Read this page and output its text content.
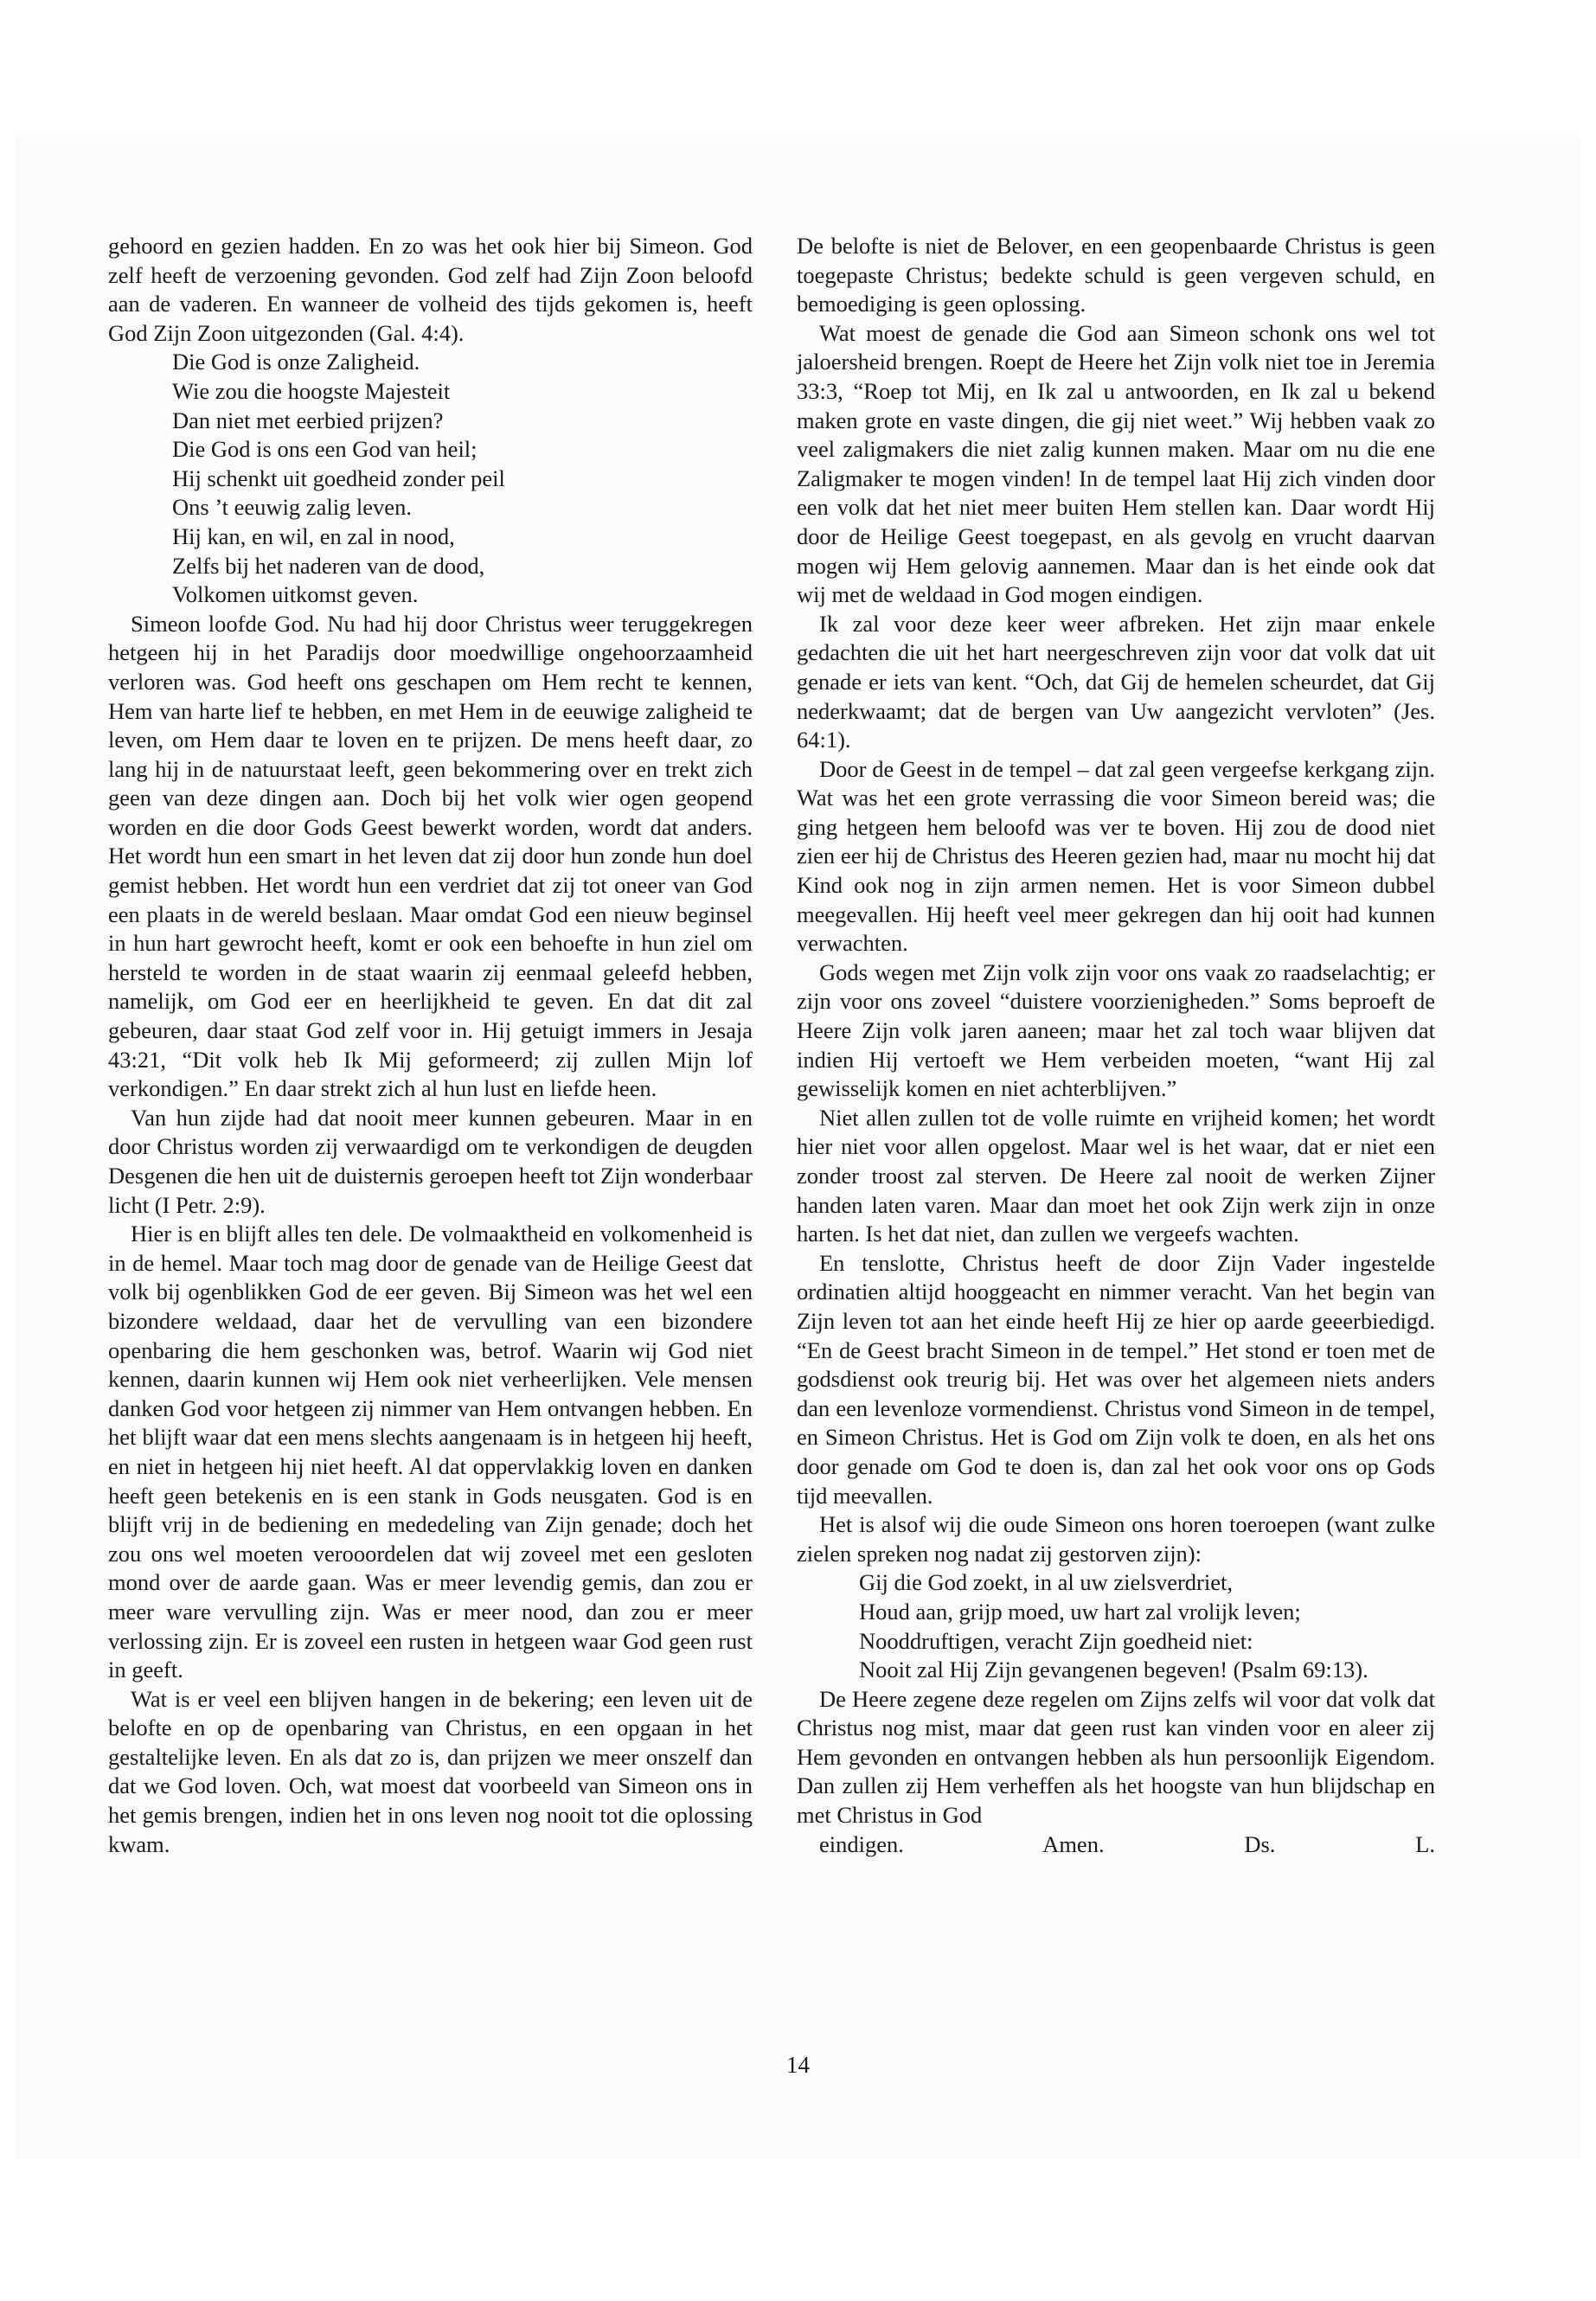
gehoord en gezien hadden. En zo was het ook hier bij Simeon. God zelf heeft de verzoening gevonden. God zelf had Zijn Zoon beloofd aan de vaderen. En wanneer de volheid des tijds gekomen is, heeft God Zijn Zoon uitgezonden (Gal. 4:4).

Die God is onze Zaligheid.
Wie zou die hoogste Majesteit
Dan niet met eerbied prijzen?
Die God is ons een God van heil;
Hij schenkt uit goedheid zonder peil
Ons ’t eeuwig zalig leven.
Hij kan, en wil, en zal in nood,
Zelfs bij het naderen van de dood,
Volkomen uitkomst geven.

Simeon loofde God. Nu had hij door Christus weer teruggekregen hetgeen hij in het Paradijs door moedwillige ongehoorzaamheid verloren was. God heeft ons geschapen om Hem recht te kennen, Hem van harte lief te hebben, en met Hem in de eeuwige zaligheid te leven, om Hem daar te loven en te prijzen. De mens heeft daar, zo lang hij in de natuurstaat leeft, geen bekommering over en trekt zich geen van deze dingen aan. Doch bij het volk wier ogen geopend worden en die door Gods Geest bewerkt worden, wordt dat anders. Het wordt hun een smart in het leven dat zij door hun zonde hun doel gemist hebben. Het wordt hun een verdriet dat zij tot oneer van God een plaats in de wereld beslaan. Maar omdat God een nieuw beginsel in hun hart gewrocht heeft, komt er ook een behoefte in hun ziel om hersteld te worden in de staat waarin zij eenmaal geleefd hebben, namelijk, om God eer en heerlijkheid te geven. En dat dit zal gebeuren, daar staat God zelf voor in. Hij getuigt immers in Jesaja 43:21, “Dit volk heb Ik Mij geformeerd; zij zullen Mijn lof verkondigen.” En daar strekt zich al hun lust en liefde heen.

Van hun zijde had dat nooit meer kunnen gebeuren. Maar in en door Christus worden zij verwaardigd om te verkondigen de deugden Desgenen die hen uit de duisternis geroepen heeft tot Zijn wonderbaar licht (I Petr. 2:9).

Hier is en blijft alles ten dele. De volmaaktheid en volkomenheid is in de hemel. Maar toch mag door de genade van de Heilige Geest dat volk bij ogenblikken God de eer geven. Bij Simeon was het wel een bizondere weldaad, daar het de vervulling van een bizondere openbaring die hem geschonken was, betrof. Waarin wij God niet kennen, daarin kunnen wij Hem ook niet verheerlijken. Vele mensen danken God voor hetgeen zij nimmer van Hem ontvangen hebben. En het blijft waar dat een mens slechts aangenaam is in hetgeen hij heeft, en niet in hetgeen hij niet heeft. Al dat oppervlakkig loven en danken heeft geen betekenis en is een stank in Gods neusgaten. God is en blijft vrij in de bediening en mededeling van Zijn genade; doch het zou ons wel moeten verooordelen dat wij zoveel met een gesloten mond over de aarde gaan. Was er meer levendig gemis, dan zou er meer ware vervulling zijn. Was er meer nood, dan zou er meer verlossing zijn. Er is zoveel een rusten in hetgeen waar God geen rust in geeft.

Wat is er veel een blijven hangen in de bekering; een leven uit de belofte en op de openbaring van Christus, en een opgaan in het gestaltelijke leven. En als dat zo is, dan prijzen we meer onszelf dan dat we God loven. Och, wat moest dat voorbeeld van Simeon ons in het gemis brengen, indien het in ons leven nog nooit tot die oplossing kwam.

De belofte is niet de Belover, en een geopenbaarde Christus is geen toegepaste Christus; bedekte schuld is geen vergeven schuld, en bemoediging is geen oplossing.

Wat moest de genade die God aan Simeon schonk ons wel tot jaloersheid brengen. Roept de Heere het Zijn volk niet toe in Jeremia 33:3, “Roep tot Mij, en Ik zal u antwoorden, en Ik zal u bekend maken grote en vaste dingen, die gij niet weet.” Wij hebben vaak zo veel zaligmakers die niet zalig kunnen maken. Maar om nu die ene Zaligmaker te mogen vinden! In de tempel laat Hij zich vinden door een volk dat het niet meer buiten Hem stellen kan. Daar wordt Hij door de Heilige Geest toegepast, en als gevolg en vrucht daarvan mogen wij Hem gelovig aannemen. Maar dan is het einde ook dat wij met de weldaad in God mogen eindigen.

Ik zal voor deze keer weer afbreken. Het zijn maar enkele gedachten die uit het hart neergeschreven zijn voor dat volk dat uit genade er iets van kent. “Och, dat Gij de hemelen scheurdet, dat Gij nederkwaamt; dat de bergen van Uw aangezicht vervloten” (Jes. 64:1).

Door de Geest in de tempel – dat zal geen vergeefse kerkgang zijn. Wat was het een grote verrassing die voor Simeon bereid was; die ging hetgeen hem beloofd was ver te boven. Hij zou de dood niet zien eer hij de Christus des Heeren gezien had, maar nu mocht hij dat Kind ook nog in zijn armen nemen. Het is voor Simeon dubbel meegevallen. Hij heeft veel meer gekregen dan hij ooit had kunnen verwachten.

Gods wegen met Zijn volk zijn voor ons vaak zo raadselachtig; er zijn voor ons zoveel “duistere voorzienigheden.” Soms beproeft de Heere Zijn volk jaren aaneen; maar het zal toch waar blijven dat indien Hij vertoeft we Hem verbeiden moeten, “want Hij zal gewisselijk komen en niet achterblijven.”

Niet allen zullen tot de volle ruimte en vrijheid komen; het wordt hier niet voor allen opgelost. Maar wel is het waar, dat er niet een zonder troost zal sterven. De Heere zal nooit de werken Zijner handen laten varen. Maar dan moet het ook Zijn werk zijn in onze harten. Is het dat niet, dan zullen we vergeefs wachten.

En tenslotte, Christus heeft de door Zijn Vader ingestelde ordinatien altijd hooggeacht en nimmer veracht. Van het begin van Zijn leven tot aan het einde heeft Hij ze hier op aarde geeerbiedigd. “En de Geest bracht Simeon in de tempel.” Het stond er toen met de godsdienst ook treurig bij. Het was over het algemeen niets anders dan een levenloze vormendienst. Christus vond Simeon in de tempel, en Simeon Christus. Het is God om Zijn volk te doen, en als het ons door genade om God te doen is, dan zal het ook voor ons op Gods tijd meevallen.

Het is alsof wij die oude Simeon ons horen toeroepen (want zulke zielen spreken nog nadat zij gestorven zijn):

Gij die God zoekt, in al uw zielsverdriet,
Houd aan, grijp moed, uw hart zal vrolijk leven;
Nooddruftigen, veracht Zijn goedheid niet:
Nooit zal Hij Zijn gevangenen begeven! (Psalm 69:13).

De Heere zegene deze regelen om Zijns zelfs wil voor dat volk dat Christus nog mist, maar dat geen rust kan vinden voor en aleer zij Hem gevonden en ontvangen hebben als hun persoonlijk Eigendom. Dan zullen zij Hem verheffen als het hoogste van hun blijdschap en met Christus in God

eindigen. Amen.	Ds. L.
14
